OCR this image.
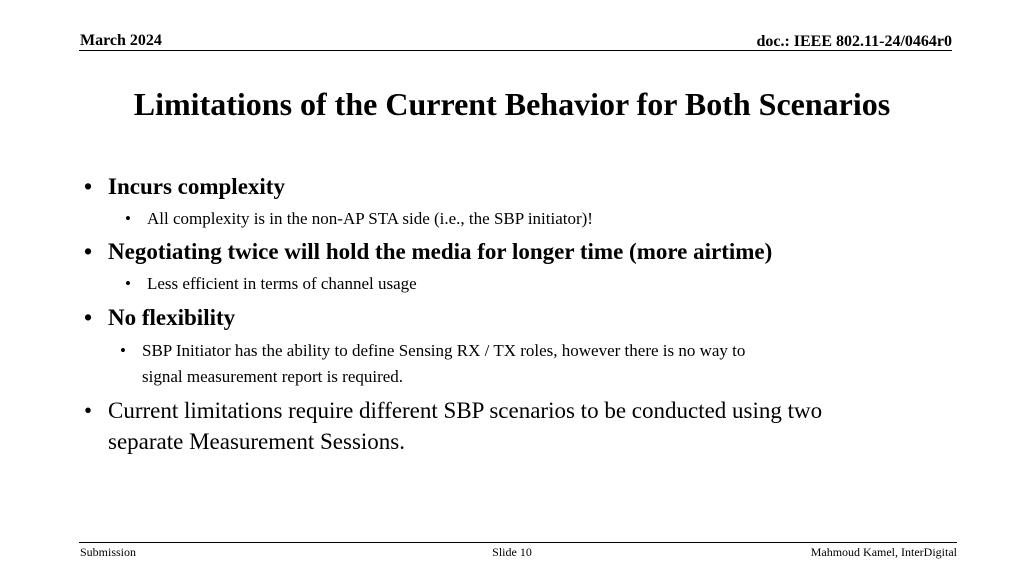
March 2024	doc.: IEEE 802.11-24/0464r0
Limitations of the Current Behavior for Both Scenarios
• Incurs complexity
• All complexity is in the non-AP STA side (i.e., the SBP initiator)!
• Negotiating twice will hold the media for longer time (more airtime)
• Less efficient in terms of channel usage
• No flexibility
• SBP Initiator has the ability to define Sensing RX / TX roles, however there is no way to
signal measurement report is required.
• Current limitations require different SBP scenarios to be conducted using two
separate Measurement Sessions.
Submission	Slide 10	Mahmoud Kamel, InterDigital
